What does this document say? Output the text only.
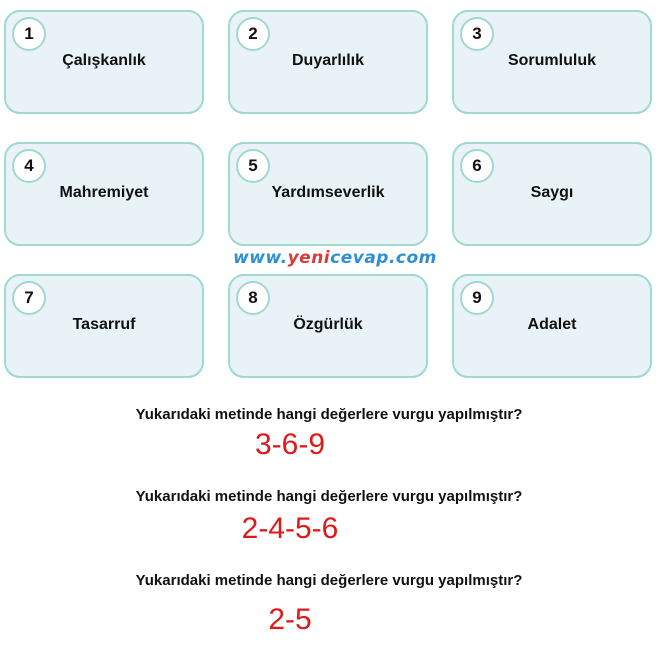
1
Çalışkanlık
2
Duyarlılık
3
Sorumluluk
4
Mahremiyet
5
Yardımseverlik
6
Saygı
www.yenicevap.com
7
Tasarruf
8
Özgürlük
9
Adalet
Yukarıdaki metinde hangi değerlere vurgu yapılmıştır?
3-6-9
Yukarıdaki metinde hangi değerlere vurgu yapılmıştır?
2-4-5-6
Yukarıdaki metinde hangi değerlere vurgu yapılmıştır?
2-5
